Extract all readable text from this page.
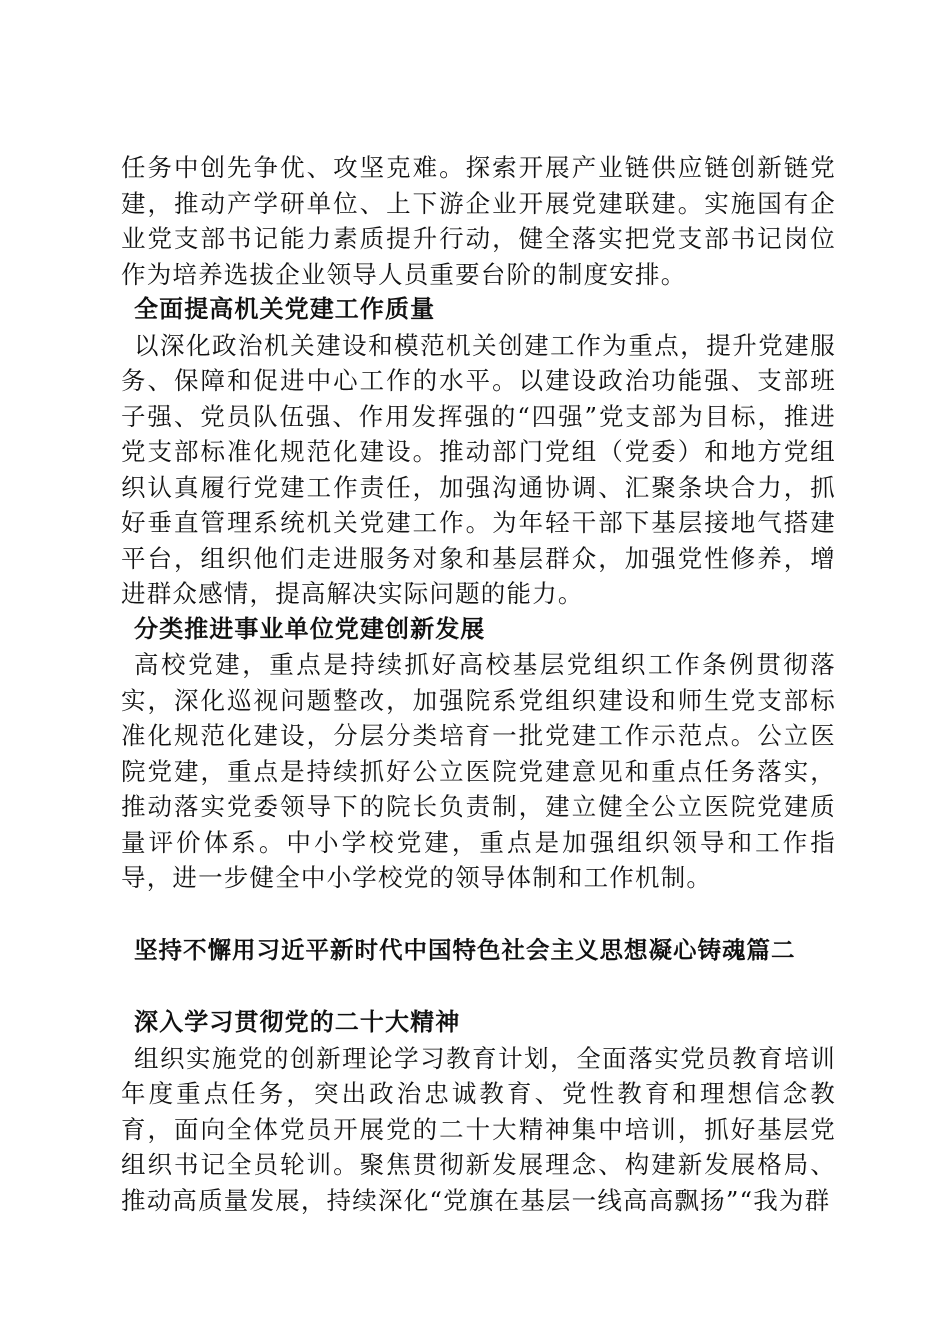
任务中创先争优、攻坚克难。探索开展产业链供应链创新链党建，推动产学研单位、上下游企业开展党建联建。实施国有企业党支部书记能力素质提升行动，健全落实把党支部书记岗位作为培养选拔企业领导人员重要台阶的制度安排。

全面提高机关党建工作质量

以深化政治机关建设和模范机关创建工作为重点，提升党建服务、保障和促进中心工作的水平。以建设政治功能强、支部班子强、党员队伍强、作用发挥强的“四强”党支部为目标，推进党支部标准化规范化建设。推动部门党组（党委）和地方党组织认真履行党建工作责任，加强沟通协调、汇聚条块合力，抓好垂直管理系统机关党建工作。为年轻干部下基层接地气搭建平台，组织他们走进服务对象和基层群众，加强党性修养，增进群众感情，提高解决实际问题的能力。

分类推进事业单位党建创新发展

高校党建，重点是持续抓好高校基层党组织工作条例贯彻落实，深化巡视问题整改，加强院系党组织建设和师生党支部标准化规范化建设，分层分类培育一批党建工作示范点。公立医院党建，重点是持续抓好公立医院党建意见和重点任务落实，推动落实党委领导下的院长负责制，建立健全公立医院党建质量评价体系。中小学校党建，重点是加强组织领导和工作指导，进一步健全中小学校党的领导体制和工作机制。

坚持不懈用习近平新时代中国特色社会主义思想凝心铸魂篇二
深入学习贯彻党的二十大精神

组织实施党的创新理论学习教育计划，全面落实党员教育培训年度重点任务，突出政治忠诚教育、党性教育和理想信念教育，面向全体党员开展党的二十大精神集中培训，抓好基层党组织书记全员轮训。聚焦贯彻新发展理念、构建新发展格局、推动高质量发展，持续深化“党旗在基层一线高高飘扬”“我为群
